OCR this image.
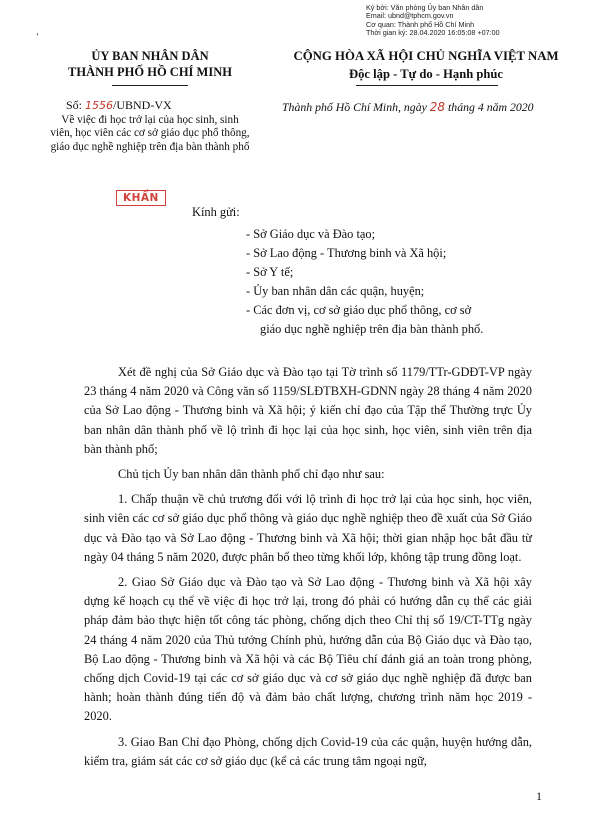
Ký bởi: Văn phòng Ủy ban Nhân dân
Email: ubnd@tphcm.gov.vn
Cơ quan: Thành phố Hồ Chí Minh
Thời gian ký: 28.04.2020 16:05:08 +07:00
'
ỦY BAN NHÂN DÂN
THÀNH PHỐ HỒ CHÍ MINH
CỘNG HÒA XÃ HỘI CHỦ NGHĨA VIỆT NAM
Độc lập - Tự do - Hạnh phúc
Số: 1556/UBND-VX
Về việc đi học trở lại của học sinh, sinh viên, học viên các cơ sở giáo dục phổ thông, giáo dục nghề nghiệp trên địa bàn thành phố
KHẨN
Thành phố Hồ Chí Minh, ngày 28 tháng 4 năm 2020
Kính gửi:
- Sở Giáo dục và Đào tạo;
- Sở Lao động - Thương binh và Xã hội;
- Sở Y tế;
- Ủy ban nhân dân các quận, huyện;
- Các đơn vị, cơ sở giáo dục phổ thông, cơ sở
giáo dục nghề nghiệp trên địa bàn thành phố.

Xét đề nghị của Sở Giáo dục và Đào tạo tại Tờ trình số 1179/TTr-GDĐT-VP ngày 23 tháng 4 năm 2020 và Công văn số 1159/SLĐTBXH-GDNN ngày 28 tháng 4 năm 2020 của Sở Lao động - Thương binh và Xã hội; ý kiến chỉ đạo của Tập thể Thường trực Ủy ban nhân dân thành phố về lộ trình đi học lại của học sinh, học viên, sinh viên trên địa bàn thành phố;

Chủ tịch Ủy ban nhân dân thành phố chỉ đạo như sau:

1. Chấp thuận về chủ trương đối với lộ trình đi học trở lại của học sinh, học viên, sinh viên các cơ sở giáo dục phổ thông và giáo dục nghề nghiệp theo đề xuất của Sở Giáo dục và Đào tạo và Sở Lao động - Thương binh và Xã hội; thời gian nhập học bắt đầu từ ngày 04 tháng 5 năm 2020, được phân bổ theo từng khối lớp, không tập trung đồng loạt.

2. Giao Sở Giáo dục và Đào tạo và Sở Lao động - Thương binh và Xã hội xây dựng kế hoạch cụ thể về việc đi học trở lại, trong đó phải có hướng dẫn cụ thể các giải pháp đảm bảo thực hiện tốt công tác phòng, chống dịch theo Chỉ thị số 19/CT-TTg ngày 24 tháng 4 năm 2020 của Thủ tướng Chính phủ, hướng dẫn của Bộ Giáo dục và Đào tạo, Bộ Lao động - Thương binh và Xã hội và các Bộ Tiêu chí đánh giá an toàn trong phòng, chống dịch Covid-19 tại các cơ sở giáo dục và cơ sở giáo dục nghề nghiệp đã được ban hành; hoàn thành đúng tiến độ và đảm bảo chất lượng, chương trình năm học 2019 - 2020.

3. Giao Ban Chỉ đạo Phòng, chống dịch Covid-19 của các quận, huyện hướng dẫn, kiểm tra, giám sát các cơ sở giáo dục (kể cả các trung tâm ngoại ngữ,

1
